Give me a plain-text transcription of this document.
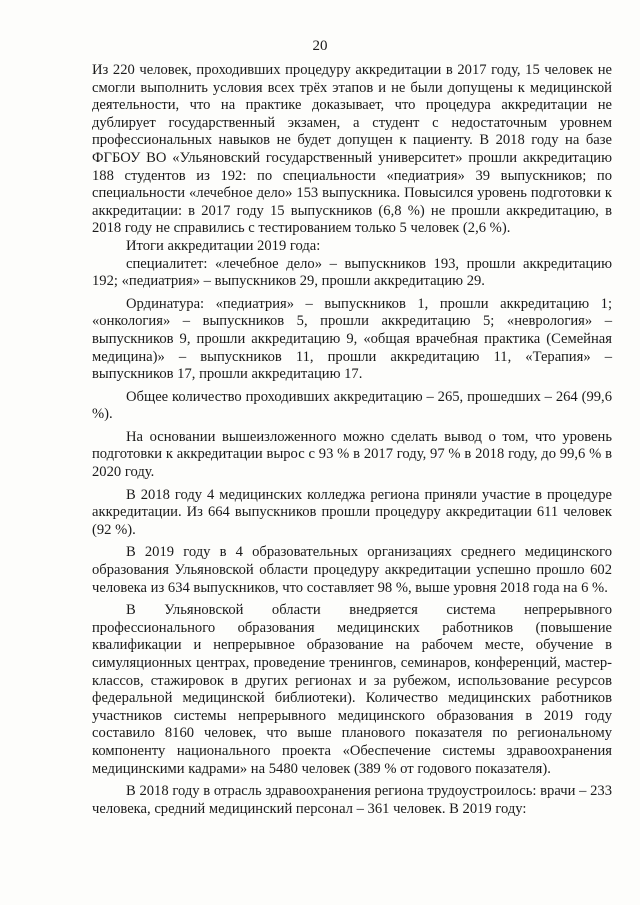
20

Из 220 человек, проходивших процедуру аккредитации в 2017 году, 15 человек не смогли выполнить условия всех трёх этапов и не были допущены к медицинской деятельности, что на практике доказывает, что процедура аккредитации не дублирует государственный экзамен, а студент с недостаточным уровнем профессиональных навыков не будет допущен к пациенту. В 2018 году на базе ФГБОУ ВО «Ульяновский государственный университет» прошли аккредитацию 188 студентов из 192: по специальности «педиатрия» 39 выпускников; по специальности «лечебное дело» 153 выпускника. Повысился уровень подготовки к аккредитации: в 2017 году 15 выпускников (6,8 %) не прошли аккредитацию, в 2018 году не справились с тестированием только 5 человек (2,6 %).

Итоги аккредитации 2019 года:

специалитет: «лечебное дело» – выпускников 193, прошли аккредитацию 192; «педиатрия» – выпускников 29, прошли аккредитацию 29.

Ординатура: «педиатрия» – выпускников 1, прошли аккредитацию 1; «онкология» – выпускников 5, прошли аккредитацию 5; «неврология» – выпускников 9, прошли аккредитацию 9, «общая врачебная практика (Семейная медицина)» – выпускников 11, прошли аккредитацию 11, «Терапия» – выпускников 17, прошли аккредитацию 17.

Общее количество проходивших аккредитацию – 265, прошедших – 264 (99,6 %).

На основании вышеизложенного можно сделать вывод о том, что уровень подготовки к аккредитации вырос с 93 % в 2017 году, 97 % в 2018 году, до 99,6 % в 2020 году.

В 2018 году 4 медицинских колледжа региона приняли участие в процедуре аккредитации. Из 664 выпускников прошли процедуру аккредитации 611 человек (92 %).

В 2019 году в 4 образовательных организациях среднего медицинского образования Ульяновской области процедуру аккредитации успешно прошло 602 человека из 634 выпускников, что составляет 98 %, выше уровня 2018 года на 6 %.

В Ульяновской области внедряется система непрерывного профессионального образования медицинских работников (повышение квалификации и непрерывное образование на рабочем месте, обучение в симуляционных центрах, проведение тренингов, семинаров, конференций, мастер-классов, стажировок в других регионах и за рубежом, использование ресурсов федеральной медицинской библиотеки). Количество медицинских работников участников системы непрерывного медицинского образования в 2019 году составило 8160 человек, что выше планового показателя по региональному компоненту национального проекта «Обеспечение системы здравоохранения медицинскими кадрами» на 5480 человек (389 % от годового показателя).

В 2018 году в отрасль здравоохранения региона трудоустроилось: врачи – 233 человека, средний медицинский персонал – 361 человек. В 2019 году:
